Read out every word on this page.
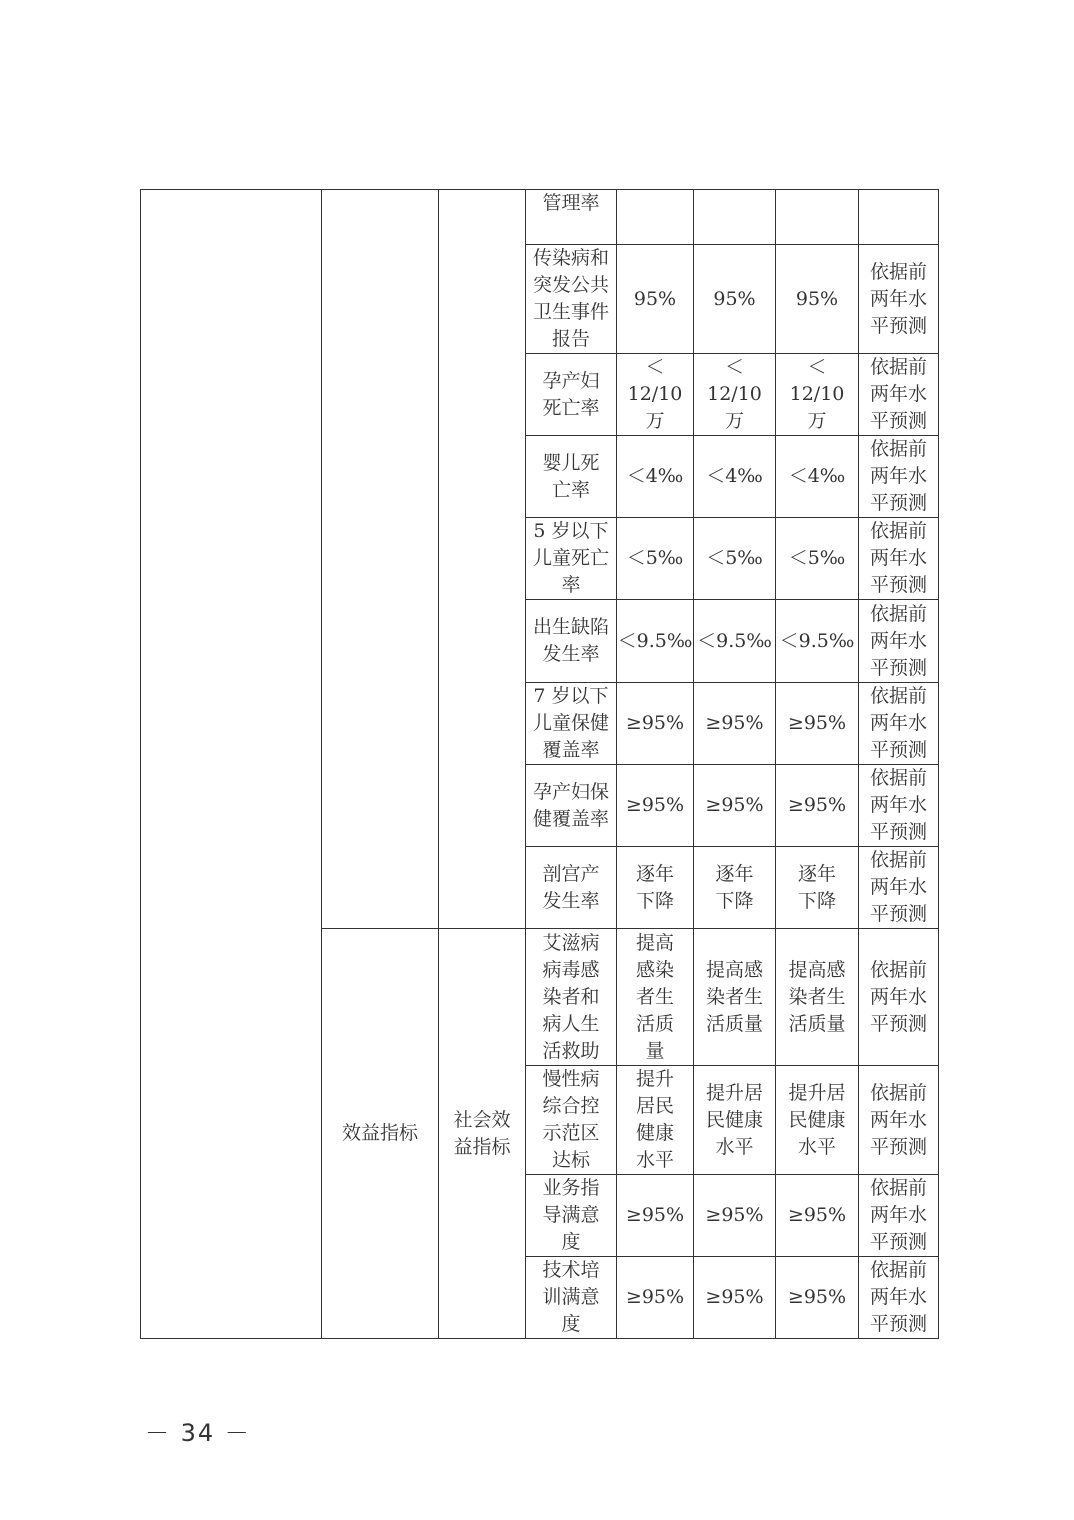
			管理率				

			传染病和突发公共卫生事件报告	95%	95%	95%	依据前两年水平预测

			孕产妇死亡率	＜12/10万	＜12/10万	＜12/10万	依据前两年水平预测

			婴儿死亡率	＜4‰	＜4‰	＜4‰	依据前两年水平预测

			5 岁以下儿童死亡率	＜5‰	＜5‰	＜5‰	依据前两年水平预测

			出生缺陷发生率	＜9.5‰	＜9.5‰	＜9.5‰	依据前两年水平预测

			7 岁以下儿童保健覆盖率	≥95%	≥95%	≥95%	依据前两年水平预测

			孕产妇保健覆盖率	≥95%	≥95%	≥95%	依据前两年水平预测

			剖宫产发生率	逐年下降	逐年下降	逐年下降	依据前两年水平预测

	效益指标	社会效益指标	艾滋病病毒感染者和病人生活救助	提高感染者生活质量	提高感染者生活质量	提高感染者生活质量	依据前两年水平预测

			慢性病综合控示范区达标	提升居民健康水平	提升居民健康水平	提升居民健康水平	依据前两年水平预测

			业务指导满意度	≥95%	≥95%	≥95%	依据前两年水平预测

			技术培训满意度	≥95%	≥95%	≥95%	依据前两年水平预测
－ 34 －
